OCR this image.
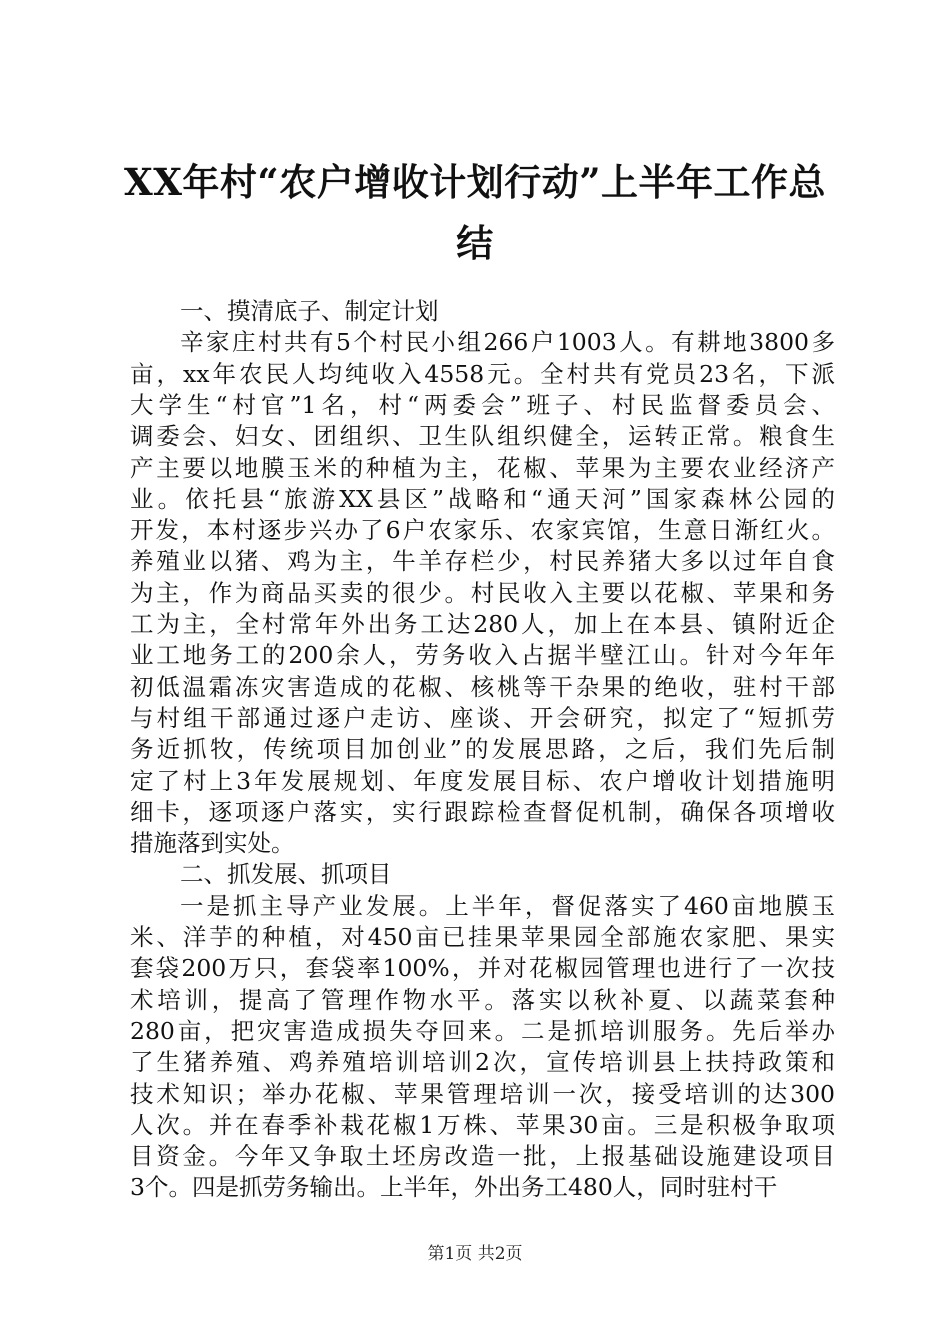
XX年村“农户增收计划行动”上半年工作总
结
一、摸清底子、制定计划
辛家庄村共有5个村民小组266户1003人。有耕地3800多
亩，xx年农民人均纯收入4558元。全村共有党员23名，下派
大学生“村官”1名，村“两委会”班子、村民监督委员会、
调委会、妇女、团组织、卫生队组织健全，运转正常。粮食生
产主要以地膜玉米的种植为主，花椒、苹果为主要农业经济产
业。依托县“旅游XX县区”战略和“通天河”国家森林公园的
开发，本村逐步兴办了6户农家乐、农家宾馆，生意日渐红火。
养殖业以猪、鸡为主，牛羊存栏少，村民养猪大多以过年自食
为主，作为商品买卖的很少。村民收入主要以花椒、苹果和务
工为主，全村常年外出务工达280人，加上在本县、镇附近企
业工地务工的200余人，劳务收入占据半壁江山。针对今年年
初低温霜冻灾害造成的花椒、核桃等干杂果的绝收，驻村干部
与村组干部通过逐户走访、座谈、开会研究，拟定了“短抓劳
务近抓牧，传统项目加创业”的发展思路，之后，我们先后制
定了村上3年发展规划、年度发展目标、农户增收计划措施明
细卡，逐项逐户落实，实行跟踪检查督促机制，确保各项增收
措施落到实处。
二、抓发展、抓项目
一是抓主导产业发展。上半年，督促落实了460亩地膜玉
米、洋芋的种植，对450亩已挂果苹果园全部施农家肥、果实
套袋200万只，套袋率100%，并对花椒园管理也进行了一次技
术培训，提高了管理作物水平。落实以秋补夏、以蔬菜套种
280亩，把灾害造成损失夺回来。二是抓培训服务。先后举办
了生猪养殖、鸡养殖培训培训2次，宣传培训县上扶持政策和
技术知识；举办花椒、苹果管理培训一次，接受培训的达300
人次。并在春季补栽花椒1万株、苹果30亩。三是积极争取项
目资金。今年又争取土坯房改造一批，上报基础设施建设项目
3个。四是抓劳务输出。上半年，外出务工480人，同时驻村干
第1页 共2页
